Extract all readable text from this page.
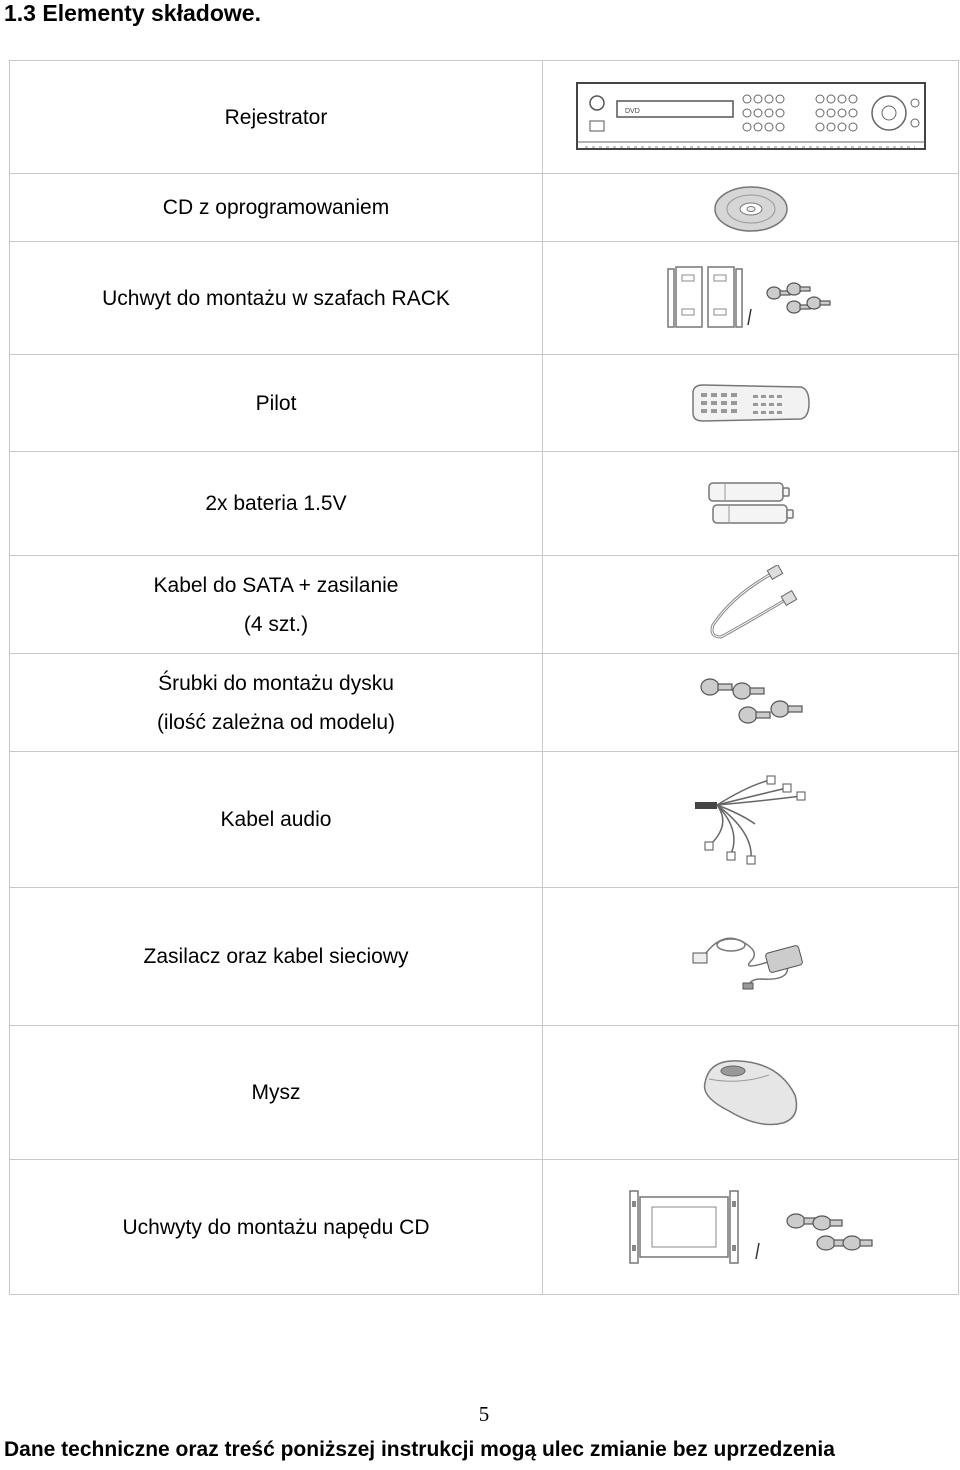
1.3 Elementy składowe.
Rejestrator	DVD

CD z oprogramowaniem

Uchwyt do montażu w szafach RACK

Pilot

2x bateria 1.5V

Kabel do SATA + zasilanie
(4 szt.)

Śrubki do montażu dysku
(ilość zależna od modelu)

Kabel audio

Zasilacz oraz kabel sieciowy

Mysz

Uchwyty do montażu napędu CD

5
Dane techniczne oraz treść poniższej instrukcji mogą ulec zmianie bez uprzedzenia
